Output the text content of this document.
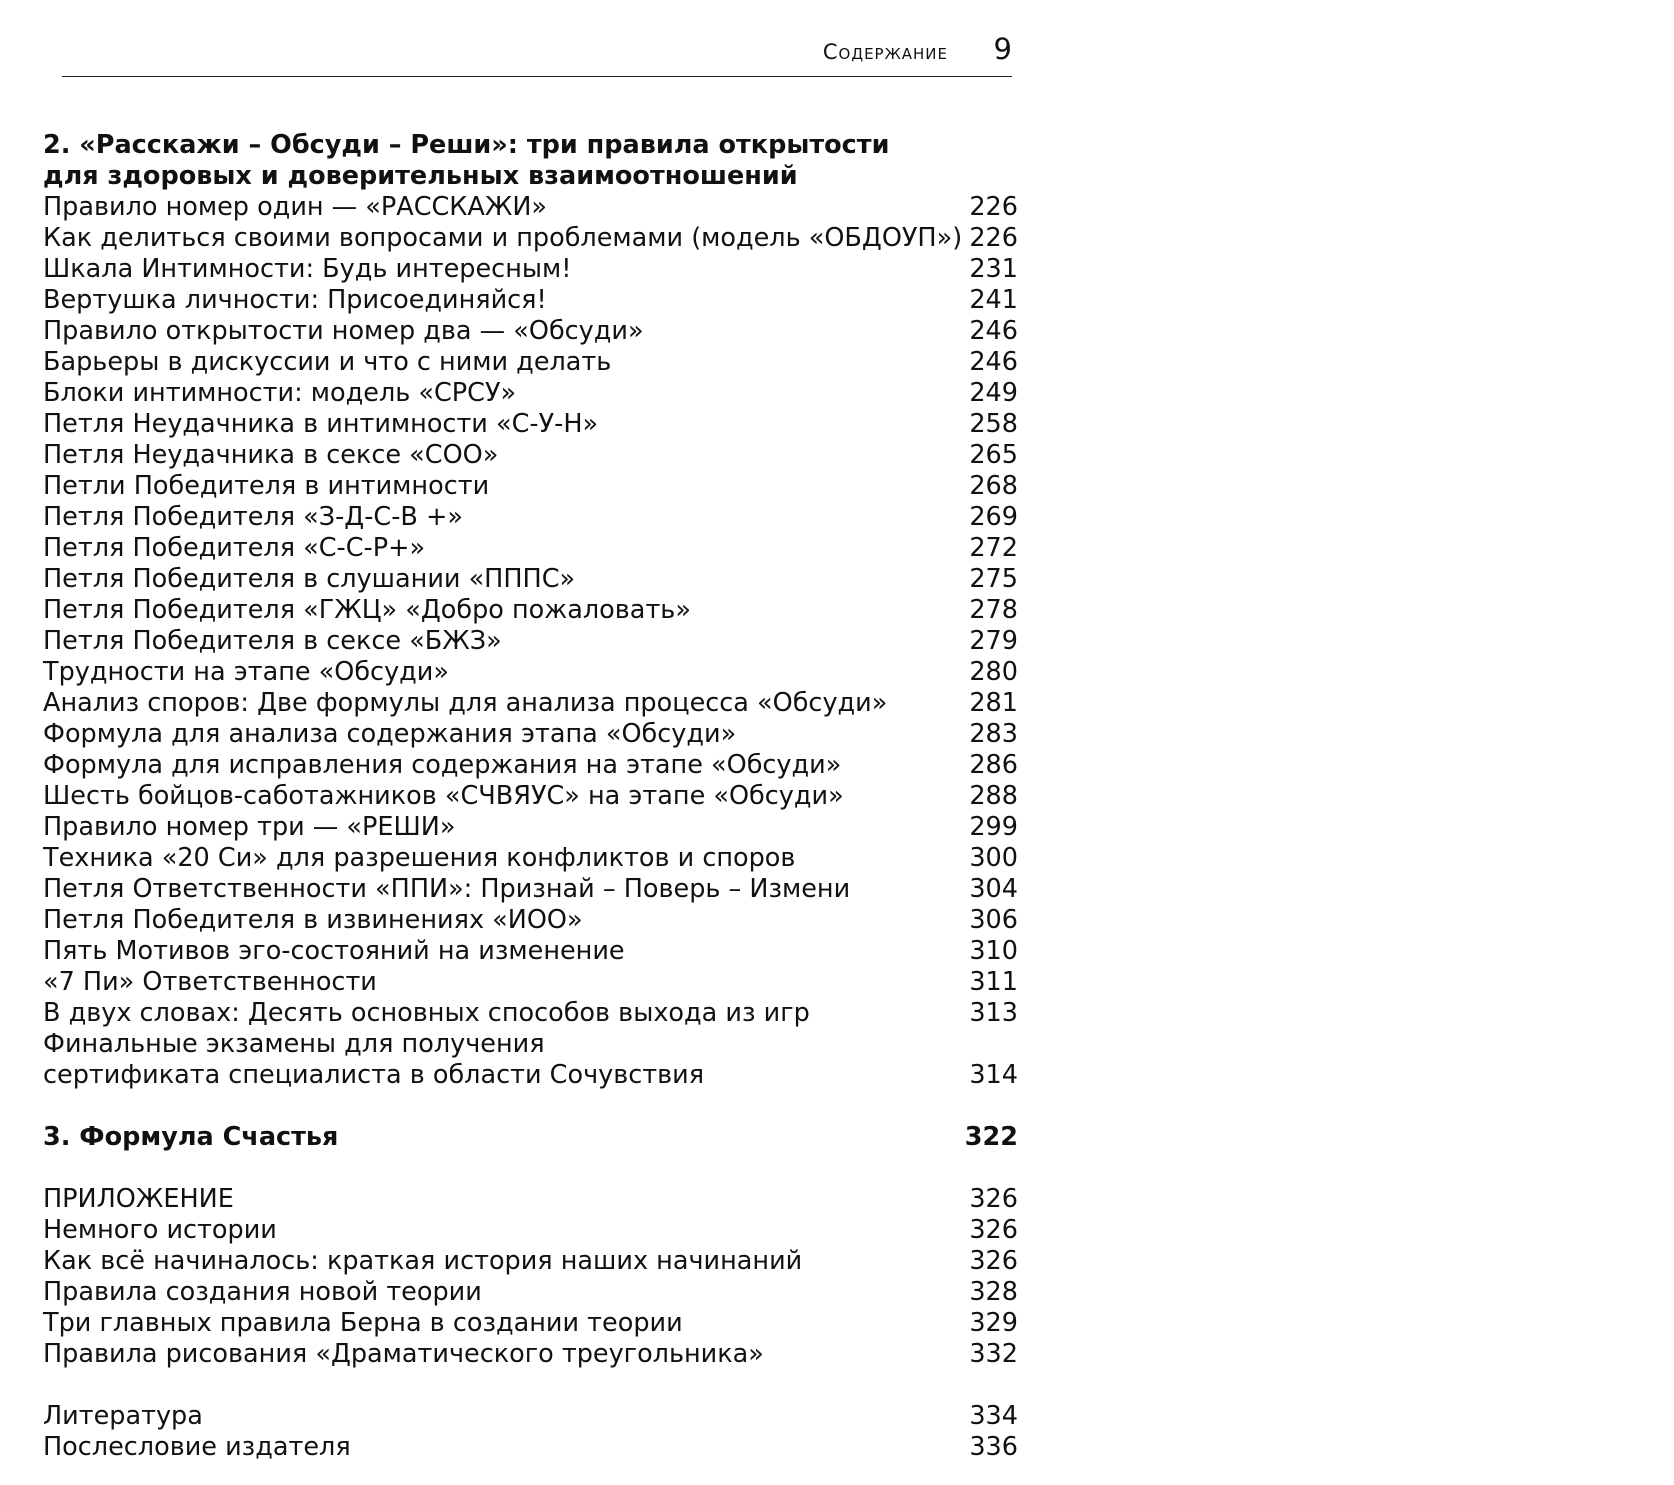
Содержание 9
2. «Расскажи – Обсуди – Реши»: три правила открытости
для здоровых и доверительных взаимоотношений
Правило номер один — «РАССКАЖИ»	226
Как делиться своими вопросами и проблемами (модель «ОБДОУП») 226
Шкала Интимности: Будь интересным!	231
Вертушка личности: Присоединяйся!	241
Правило открытости номер два — «Обсуди»	246
Барьеры в дискуссии и что с ними делать	246
Блоки интимности: модель «СРСУ»	249
Петля Неудачника в интимности «С-У-Н»	258
Петля Неудачника в сексе «СОО»	265
Петли Победителя в интимности	268
Петля Победителя «З-Д-С-В +»	269
Петля Победителя «С-С-Р+»	272
Петля Победителя в слушании «ПППС»	275
Петля Победителя «ГЖЦ» «Добро пожаловать»	278
Петля Победителя в сексе «БЖЗ»	279
Трудности на этапе «Обсуди»	280
Анализ споров: Две формулы для анализа процесса «Обсуди»	281
Формула для анализа содержания этапа «Обсуди»	283
Формула для исправления содержания на этапе «Обсуди»	286
Шесть бойцов-саботажников «СЧВЯУС» на этапе «Обсуди»	288
Правило номер три — «РЕШИ»	299
Техника «20 Си» для разрешения конфликтов и споров	300
Петля Ответственности «ППИ»: Признай – Поверь – Измени	304
Петля Победителя в извинениях «ИОО»	306
Пять Мотивов эго-состояний на изменение	310
«7 Пи» Ответственности	311
В двух словах: Десять основных способов выхода из игр	313
Финальные экзамены для получения
сертификата специалиста в области Сочувствия	314
3. Формула Счастья	322
ПРИЛОЖЕНИЕ	326
Немного истории	326
Как всё начиналось: краткая история наших начинаний	326
Правила создания новой теории	328
Три главных правила Берна в создании теории	329
Правила рисования «Драматического треугольника»	332
Литература	334
Послесловие издателя	336
